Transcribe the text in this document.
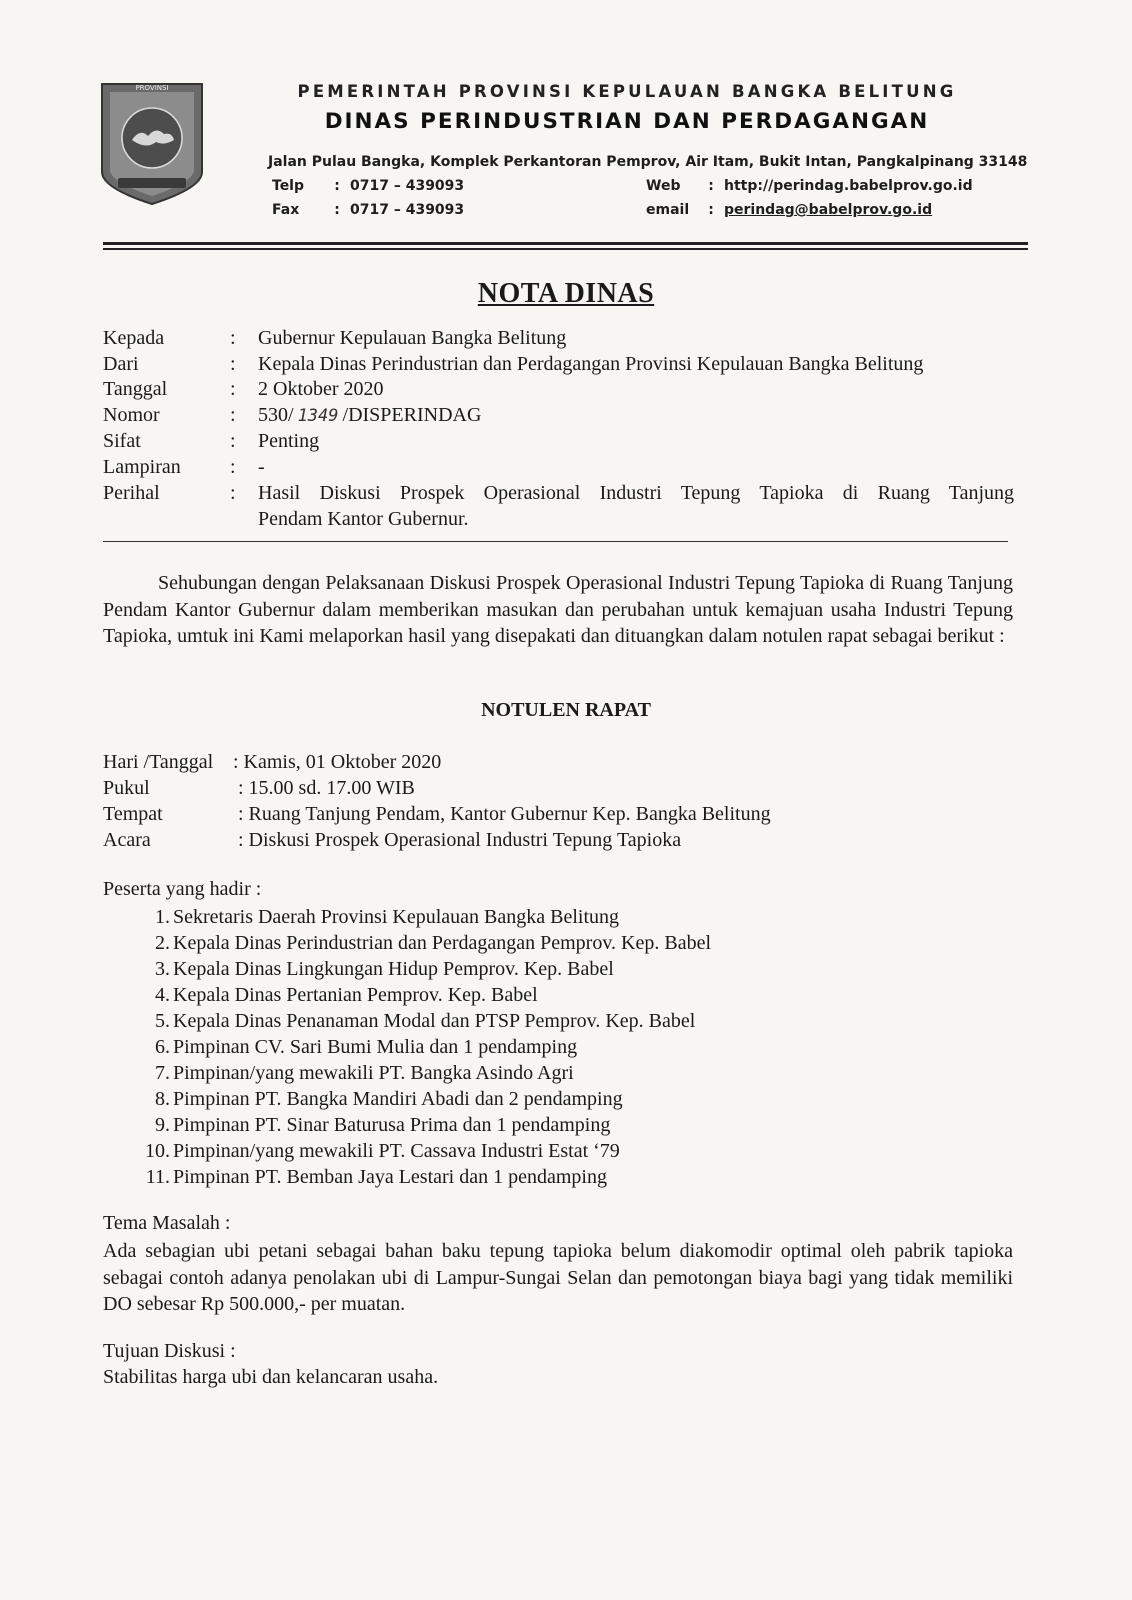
PROVINSI	PEMERINTAH PROVINSI KEPULAUAN BANGKA BELITUNG
DINAS PERINDUSTRIAN DAN PERDAGANGAN
Jalan Pulau Bangka, Komplek Perkantoran Pemprov, Air Itam, Bukit Intan, Pangkalpinang 33148
Telp : 0717 – 439093
Fax : 0717 – 439093
Web : http://perindag.babelprov.go.id
email : perindag@babelprov.go.id
NOTA DINAS
Kepada	: Gubernur Kepulauan Bangka Belitung
Dari	: Kepala Dinas Perindustrian dan Perdagangan Provinsi Kepulauan Bangka Belitung
Tanggal	: 2 Oktober 2020
Nomor	: 530/ 1349 /DISPERINDAG
Sifat	: Penting
Lampiran : -
Perihal	: Hasil Diskusi Prospek Operasional Industri Tepung Tapioka di Ruang Tanjung
Pendam Kantor Gubernur.
Sehubungan dengan Pelaksanaan Diskusi Prospek Operasional Industri Tepung Tapioka di Ruang Tanjung Pendam Kantor Gubernur dalam memberikan masukan dan perubahan untuk kemajuan usaha Industri Tepung Tapioka, umtuk ini Kami melaporkan hasil yang disepakati dan dituangkan dalam notulen rapat sebagai berikut :
NOTULEN RAPAT
Hari /Tanggal : Kamis, 01 Oktober 2020
Pukul	: 15.00 sd. 17.00 WIB
Tempat	: Ruang Tanjung Pendam, Kantor Gubernur Kep. Bangka Belitung
Acara	: Diskusi Prospek Operasional Industri Tepung Tapioka
Peserta yang hadir :
1. Sekretaris Daerah Provinsi Kepulauan Bangka Belitung
2. Kepala Dinas Perindustrian dan Perdagangan Pemprov. Kep. Babel
3. Kepala Dinas Lingkungan Hidup Pemprov. Kep. Babel
4. Kepala Dinas Pertanian Pemprov. Kep. Babel
5. Kepala Dinas Penanaman Modal dan PTSP Pemprov. Kep. Babel
6. Pimpinan CV. Sari Bumi Mulia dan 1 pendamping
7. Pimpinan/yang mewakili PT. Bangka Asindo Agri
8. Pimpinan PT. Bangka Mandiri Abadi dan 2 pendamping
9. Pimpinan PT. Sinar Baturusa Prima dan 1 pendamping
10. Pimpinan/yang mewakili PT. Cassava Industri Estat ‘79
11. Pimpinan PT. Bemban Jaya Lestari dan 1 pendamping
Tema Masalah :
Ada sebagian ubi petani sebagai bahan baku tepung tapioka belum diakomodir optimal oleh pabrik tapioka sebagai contoh adanya penolakan ubi di Lampur-Sungai Selan dan pemotongan biaya bagi yang tidak memiliki DO sebesar Rp 500.000,- per muatan.
Tujuan Diskusi :
Stabilitas harga ubi dan kelancaran usaha.
